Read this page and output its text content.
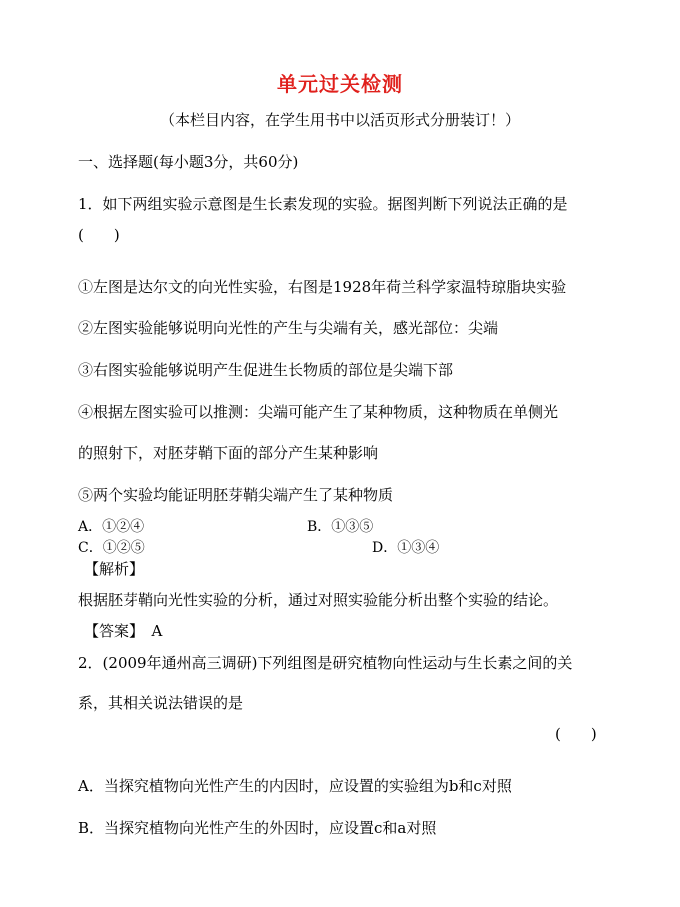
单元过关检测
（本栏目内容，在学生用书中以活页形式分册装订！）
一、选择题(每小题3分，共60分)
1．如下两组实验示意图是生长素发现的实验。据图判断下列说法正确的是
(　　)
①左图是达尔文的向光性实验，右图是1928年荷兰科学家温特琼脂块实验
②左图实验能够说明向光性的产生与尖端有关，感光部位：尖端
③右图实验能够说明产生促进生长物质的部位是尖端下部
④根据左图实验可以推测：尖端可能产生了某种物质，这种物质在单侧光
的照射下，对胚芽鞘下面的部分产生某种影响
⑤两个实验均能证明胚芽鞘尖端产生了某种物质
A．①②④	B．①③⑤
C．①②⑤	D．①③④
【解析】
根据胚芽鞘向光性实验的分析，通过对照实验能分析出整个实验的结论。
【答案】　A
2．(2009年通州高三调研)下列组图是研究植物向性运动与生长素之间的关
系，其相关说法错误的是
(　　)
A．当探究植物向光性产生的内因时，应设置的实验组为b和c对照
B．当探究植物向光性产生的外因时，应设置c和a对照
